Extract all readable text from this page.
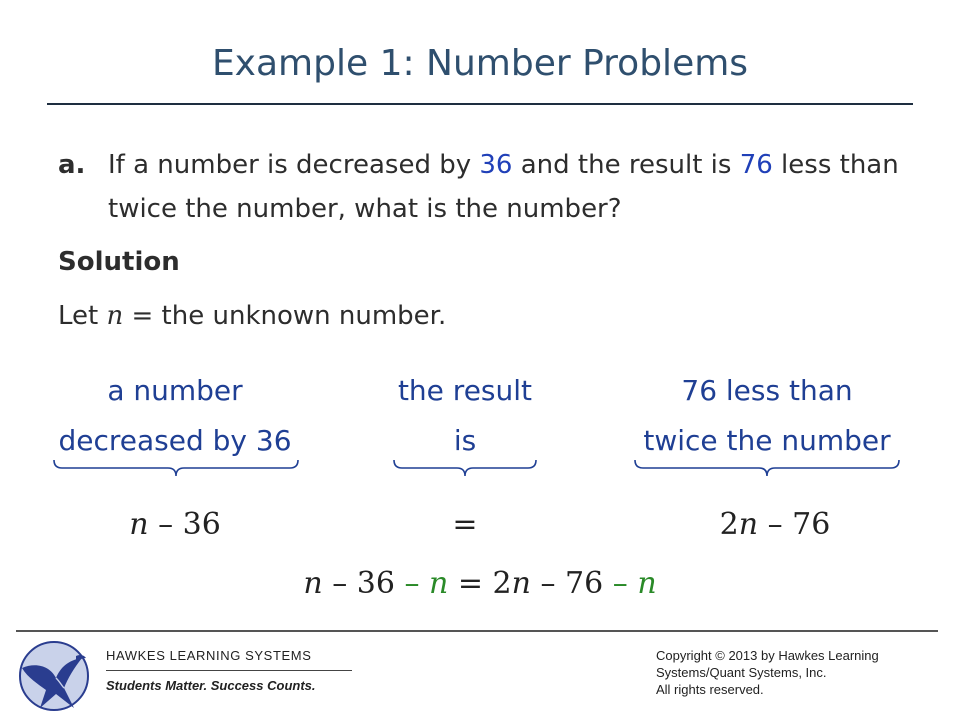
Example 1: Number Problems
a. If a number is decreased by 36 and the result is 76 less than twice the number, what is the number?
Solution
Let n = the unknown number.
a number
decreased by 36
the result
is
76 less than
twice the number
n – 36	=	2n – 76
n – 36 – n = 2n – 76 – n
HAWKES LEARNING SYSTEMS
Students Matter. Success Counts.
Copyright © 2013 by Hawkes Learning
Systems/Quant Systems, Inc.
All rights reserved.
